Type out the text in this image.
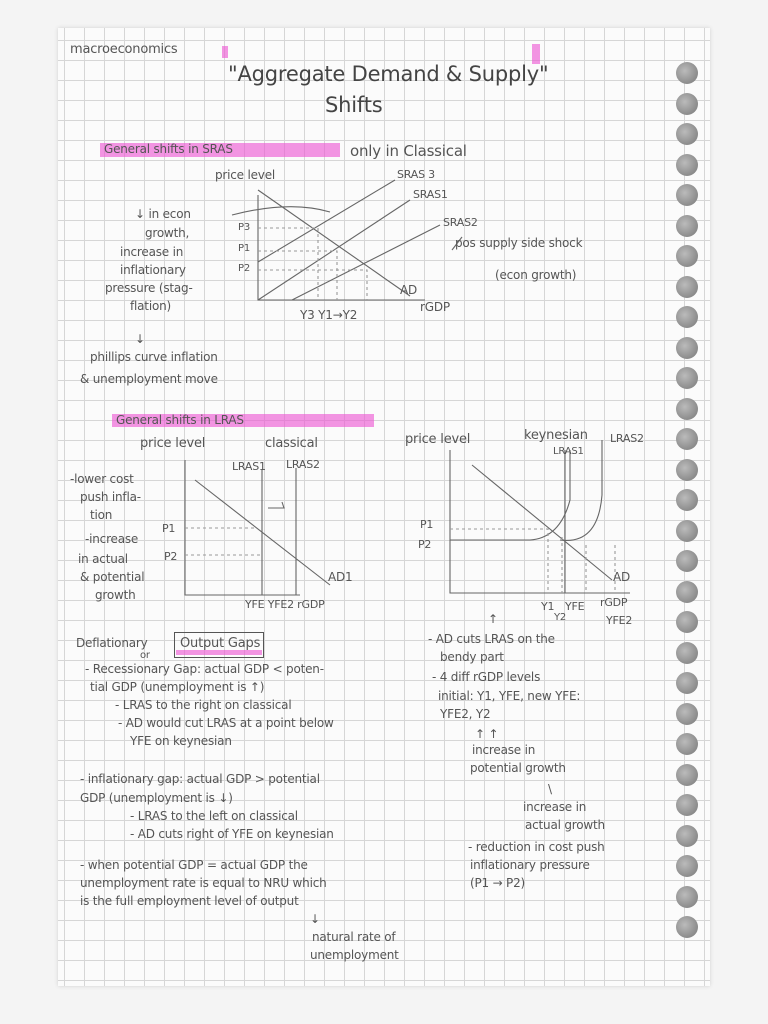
macroeconomics
"Aggregate Demand & Supply"
Shifts
General shifts in SRAS	only in Classical
price level	SRAS 3
SRAS1
SRAS2
AD
P3
P1
P2
Y3 Y1→Y2
rGDP
pos supply side shock
(econ growth)
↓ in econ
growth,
increase in
inflationary
pressure (stag-
flation)
↓
phillips curve inflation
& unemployment move
General shifts in LRAS
price level	classical
LRAS1 LRAS2
AD1
P1
P2
YFE YFE2 rGDP
-lower cost
push infla-
tion
-increase
in actual
& potential
growth
price level	keynesian
LRAS1
LRAS2
AD
P1
P2
Y1 YFE
Y2
rGDP
YFE2
Deflationary
or
Output Gaps
- Recessionary Gap: actual GDP < poten-
tial GDP (unemployment is ↑)
- LRAS to the right on classical
- AD would cut LRAS at a point below
YFE on keynesian
- inflationary gap: actual GDP > potential
GDP (unemployment is ↓)
- LRAS to the left on classical
- AD cuts right of YFE on keynesian
- when potential GDP = actual GDP the
unemployment rate is equal to NRU which
is the full employment level of output
↓
natural rate of
unemployment
- AD cuts LRAS on the
bendy part
- 4 diff rGDP levels
initial: Y1, YFE, new YFE:
YFE2, Y2
↑ ↑
increase in
potential growth
\
increase in
actual growth
- reduction in cost push
inflationary pressure
(P1 → P2)
↑
